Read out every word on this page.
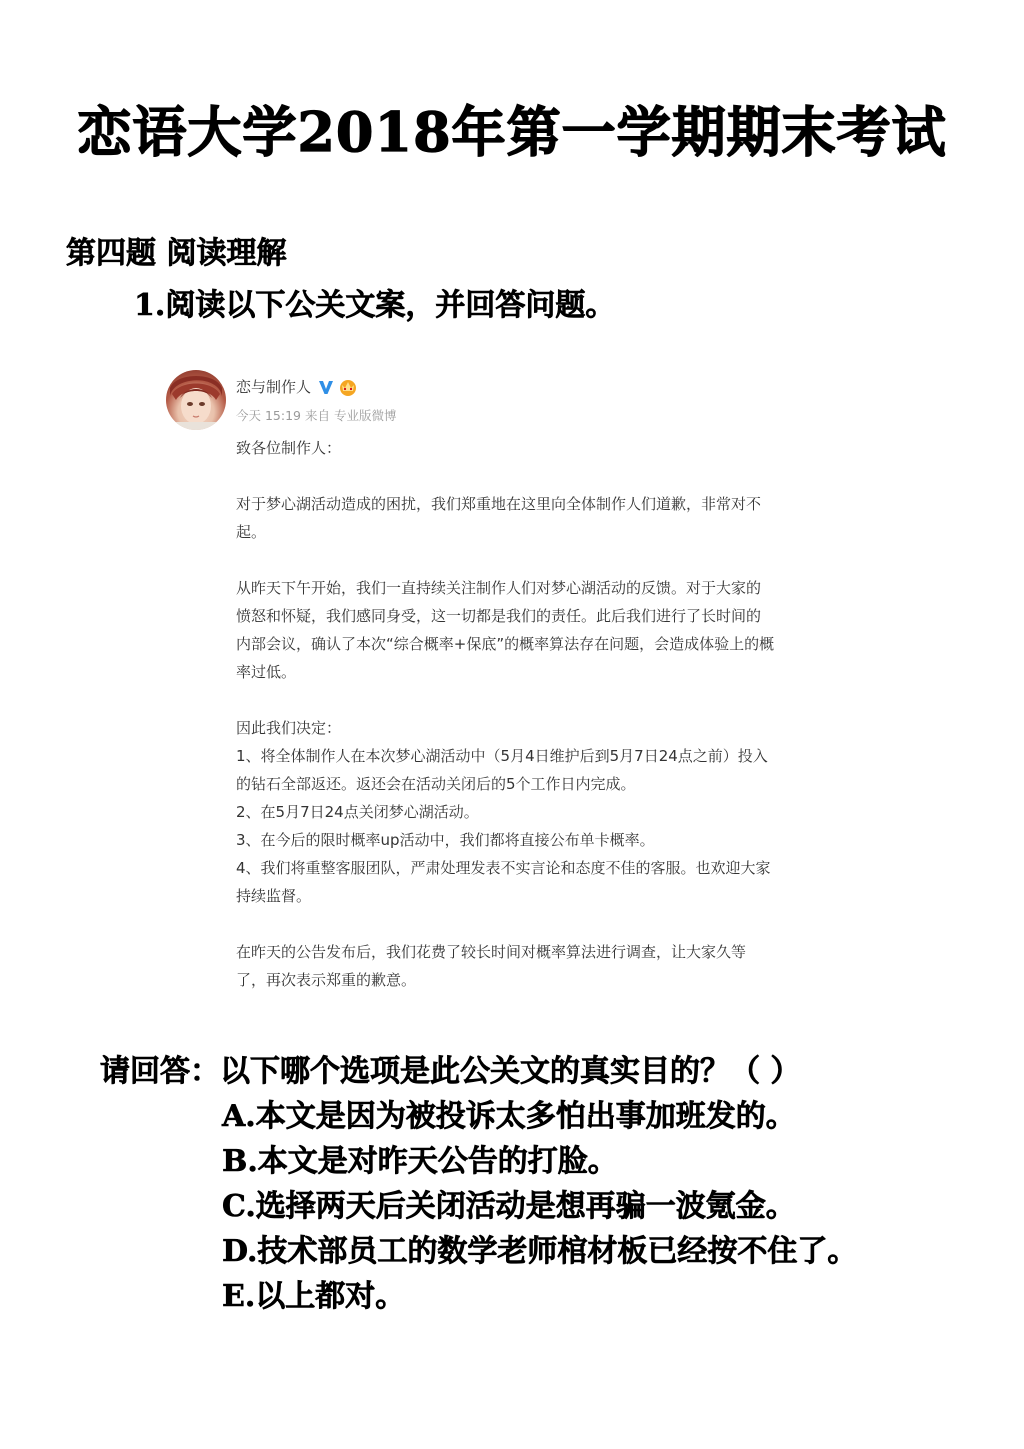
恋语大学2018年第一学期期末考试
第四题 阅读理解
1.阅读以下公关文案，并回答问题。
恋与制作人
今天 15:19 来自 专业版微博

致各位制作人：

对于梦心湖活动造成的困扰，我们郑重地在这里向全体制作人们道歉，非常对不

起。

从昨天下午开始，我们一直持续关注制作人们对梦心湖活动的反馈。对于大家的

愤怒和怀疑，我们感同身受，这一切都是我们的责任。此后我们进行了长时间的

内部会议，确认了本次“综合概率+保底”的概率算法存在问题，会造成体验上的概

率过低。

因此我们决定：

1、将全体制作人在本次梦心湖活动中（5月4日维护后到5月7日24点之前）投入

的钻石全部返还。返还会在活动关闭后的5个工作日内完成。

2、在5月7日24点关闭梦心湖活动。

3、在今后的限时概率up活动中，我们都将直接公布单卡概率。

4、我们将重整客服团队，严肃处理发表不实言论和态度不佳的客服。也欢迎大家

持续监督。

在昨天的公告发布后，我们花费了较长时间对概率算法进行调查，让大家久等

了，再次表示郑重的歉意。

请回答：以下哪个选项是此公关文的真实目的？（ ）
A.本文是因为被投诉太多怕出事加班发的。
B.本文是对昨天公告的打脸。
C.选择两天后关闭活动是想再骗一波氪金。
D.技术部员工的数学老师棺材板已经按不住了。
E.以上都对。
